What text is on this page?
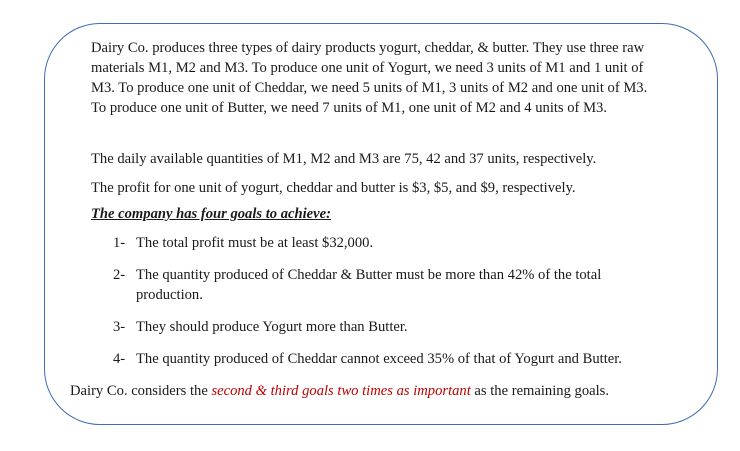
Dairy Co. produces three types of dairy products yogurt, cheddar, & butter. They use three raw materials M1, M2 and M3. To produce one unit of Yogurt, we need 3 units of M1 and 1 unit of M3. To produce one unit of Cheddar, we need 5 units of M1, 3 units of M2 and one unit of M3. To produce one unit of Butter, we need 7 units of M1, one unit of M2 and 4 units of M3.

The daily available quantities of M1, M2 and M3 are 75, 42 and 37 units, respectively.

The profit for one unit of yogurt, cheddar and butter is $3, $5, and $9, respectively.

The company has four goals to achieve:
1- The total profit must be at least $32,000.
2- The quantity produced of Cheddar & Butter must be more than 42% of the total production.
3- They should produce Yogurt more than Butter.
4- The quantity produced of Cheddar cannot exceed 35% of that of Yogurt and Butter.
Dairy Co. considers the second & third goals two times as important as the remaining goals.
